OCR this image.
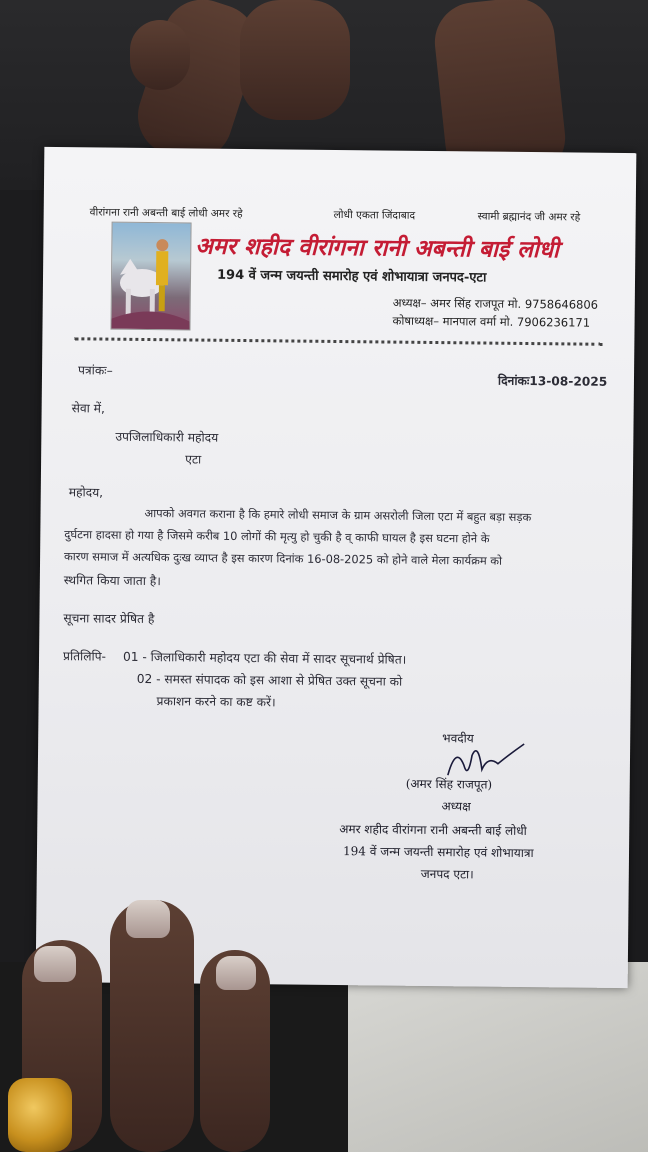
वीरांगना रानी अबन्ती बाई लोधी अमर रहे	लोधी एकता जिंदाबाद	स्वामी ब्रह्मानंद जी अमर रहे
अमर शहीद वीरांगना रानी अबन्ती बाई लोधी
194 वें जन्म जयन्ती समारोह एवं शोभायात्रा जनपद-एटा
अध्यक्ष– अमर सिंह राजपूत मो. 9758646806
कोषाध्यक्ष– मानपाल वर्मा मो. 7906236171
पत्रांकः–
दिनांकः13-08-2025
सेवा में,
उपजिलाधिकारी महोदय
एटा
महोदय,
आपको अवगत कराना है कि हमारे लोधी समाज के ग्राम असरोली जिला एटा में बहुत बड़ा सड़क
दुर्घटना हादसा हो गया है जिसमे करीब 10 लोगों की मृत्यु हो चुकी है व् काफी घायल है इस घटना होने के
कारण समाज में अत्यधिक दुःख व्याप्त है इस कारण दिनांक 16-08-2025 को होने वाले मेला कार्यक्रम को
स्थगित किया जाता है।
सूचना सादर प्रेषित है
प्रतिलिपि- 01 - जिलाधिकारी महोदय एटा की सेवा में सादर सूचनार्थ प्रेषित।
02 - समस्त संपादक को इस आशा से प्रेषित उक्त सूचना को
प्रकाशन करने का कष्ट करें।
भवदीय
(अमर सिंह राजपूत)
अध्यक्ष
अमर शहीद वीरांगना रानी अबन्ती बाई लोधी
194 वें जन्म जयन्ती समारोह एवं शोभायात्रा
जनपद एटा।
